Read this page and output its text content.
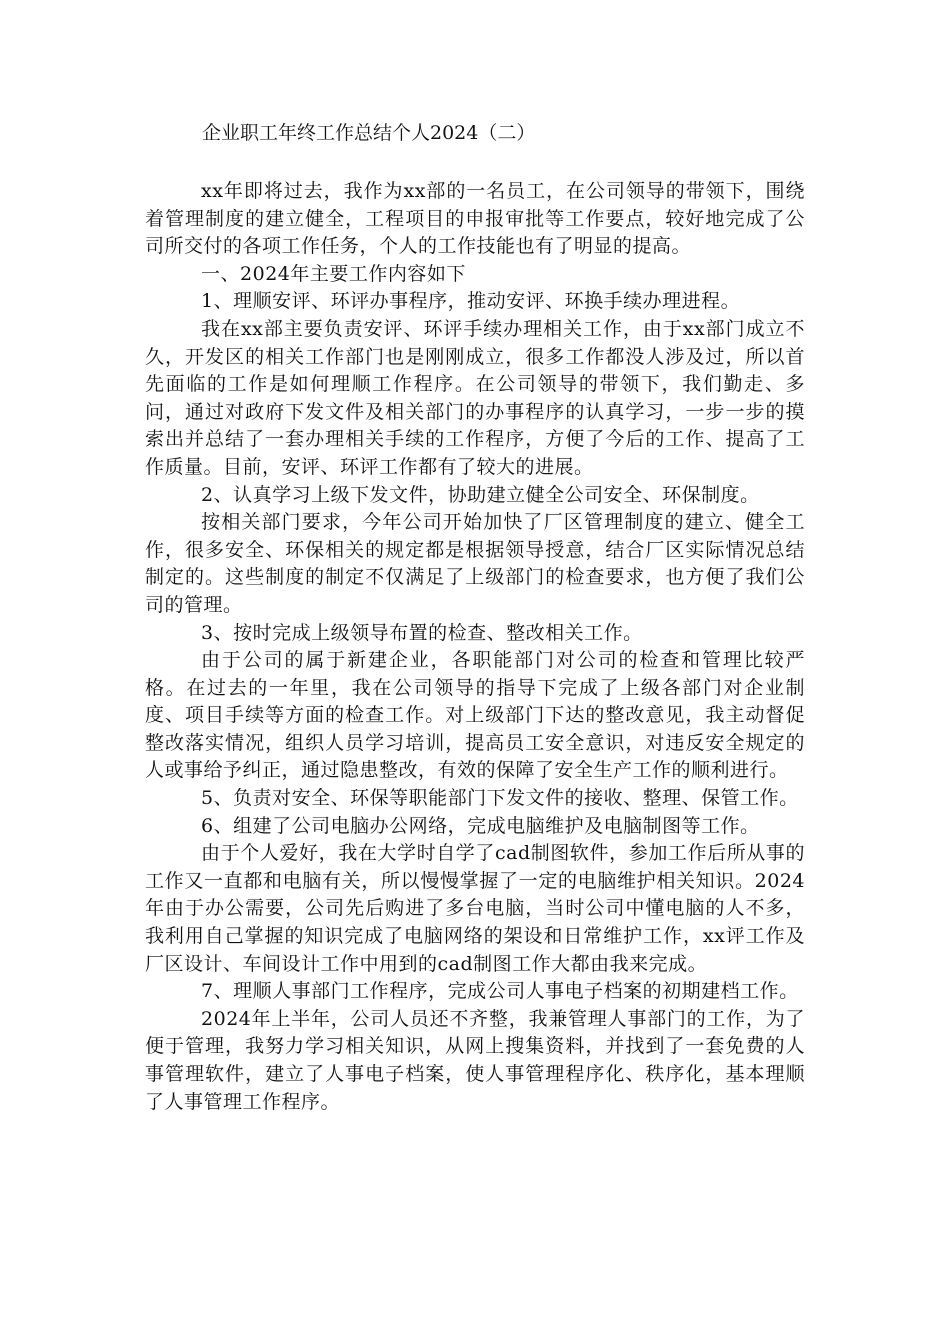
企业职工年终工作总结个人2024（二）

xx年即将过去，我作为xx部的一名员工，在公司领导的带领下，围绕着管理制度的建立健全，工程项目的申报审批等工作要点，较好地完成了公司所交付的各项工作任务，个人的工作技能也有了明显的提高。

一、2024年主要工作内容如下

1、理顺安评、环评办事程序，推动安评、环换手续办理进程。

我在xx部主要负责安评、环评手续办理相关工作，由于xx部门成立不久，开发区的相关工作部门也是刚刚成立，很多工作都没人涉及过，所以首先面临的工作是如何理顺工作程序。在公司领导的带领下，我们勤走、多问，通过对政府下发文件及相关部门的办事程序的认真学习，一步一步的摸索出并总结了一套办理相关手续的工作程序，方便了今后的工作、提高了工作质量。目前，安评、环评工作都有了较大的进展。

2、认真学习上级下发文件，协助建立健全公司安全、环保制度。

按相关部门要求，今年公司开始加快了厂区管理制度的建立、健全工作，很多安全、环保相关的规定都是根据领导授意，结合厂区实际情况总结制定的。这些制度的制定不仅满足了上级部门的检查要求，也方便了我们公司的管理。

3、按时完成上级领导布置的检查、整改相关工作。

由于公司的属于新建企业，各职能部门对公司的检查和管理比较严格。在过去的一年里，我在公司领导的指导下完成了上级各部门对企业制度、项目手续等方面的检查工作。对上级部门下达的整改意见，我主动督促整改落实情况，组织人员学习培训，提高员工安全意识，对违反安全规定的人或事给予纠正，通过隐患整改，有效的保障了安全生产工作的顺利进行。

5、负责对安全、环保等职能部门下发文件的接收、整理、保管工作。

6、组建了公司电脑办公网络，完成电脑维护及电脑制图等工作。

由于个人爱好，我在大学时自学了cad制图软件，参加工作后所从事的工作又一直都和电脑有关，所以慢慢掌握了一定的电脑维护相关知识。2024年由于办公需要，公司先后购进了多台电脑，当时公司中懂电脑的人不多，我利用自己掌握的知识完成了电脑网络的架设和日常维护工作，xx评工作及厂区设计、车间设计工作中用到的cad制图工作大都由我来完成。

7、理顺人事部门工作程序，完成公司人事电子档案的初期建档工作。

2024年上半年，公司人员还不齐整，我兼管理人事部门的工作，为了便于管理，我努力学习相关知识，从网上搜集资料，并找到了一套免费的人事管理软件，建立了人事电子档案，使人事管理程序化、秩序化，基本理顺了人事管理工作程序。
